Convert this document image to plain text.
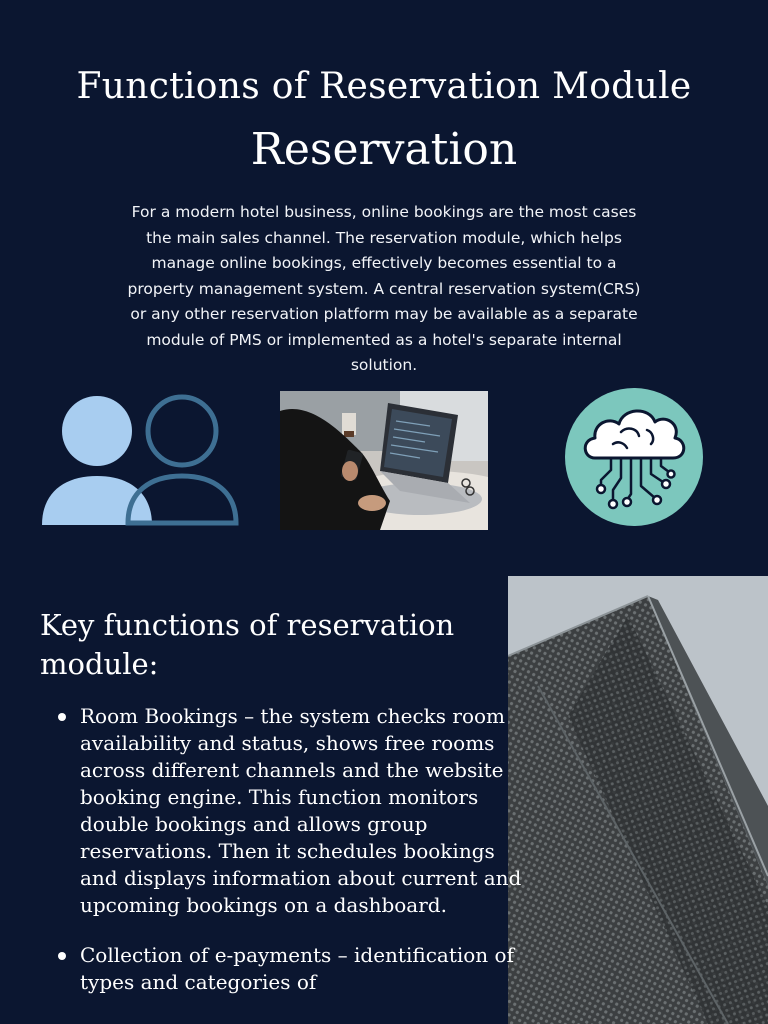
Functions of Reservation Module
Reservation

For a modern hotel business, online bookings are the most cases the main sales channel. The reservation module, which helps manage online bookings, effectively becomes essential to a property management system. A central reservation system(CRS) or any other reservation platform may be available as a separate module of PMS or implemented as a hotel's separate internal solution.

Key functions of reservation module:
Room Bookings – the system checks room availability and status, shows free rooms across different channels and the website booking engine. This function monitors double bookings and allows group reservations. Then it schedules bookings and displays information about current and upcoming bookings on a dashboard.
Collection of e-payments – identification of types and categories of
